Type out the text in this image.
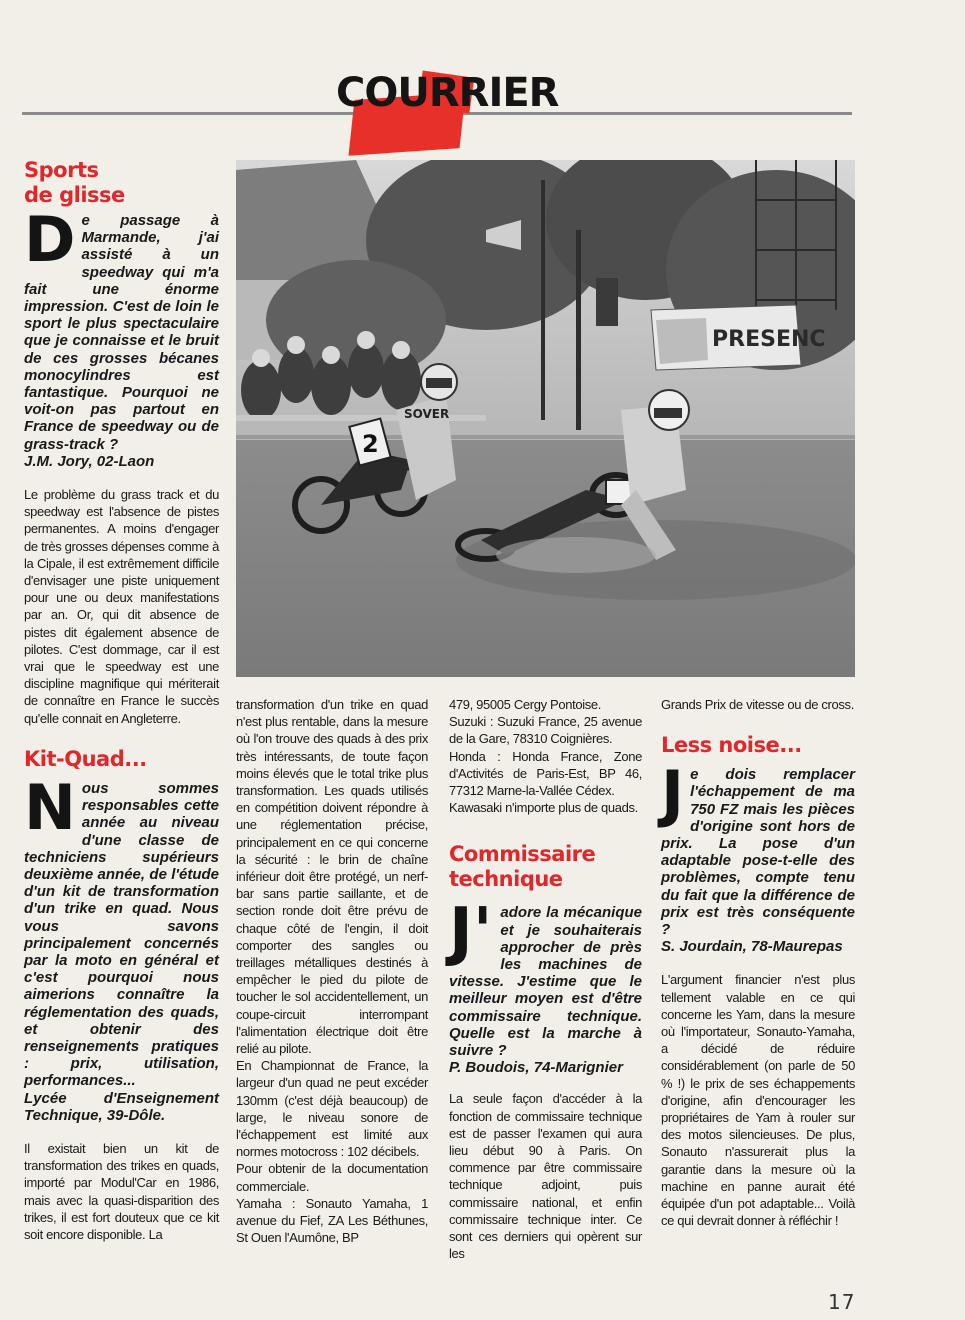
COURRIER
PRESENC
2
SOVER
Sports
de glisse

De passage à Marmande, j'ai assisté à un speedway qui m'a fait une énorme impression. C'est de loin le sport le plus spectaculaire que je connaisse et le bruit de ces grosses bécanes monocylindres est fantastique. Pourquoi ne voit-on pas partout en France de speedway ou de grass-track ?
J.M. Jory, 02-Laon

Le problème du grass track et du speedway est l'absence de pistes permanentes. A moins d'engager de très grosses dépenses comme à la Cipale, il est extrêmement difficile d'envisager une piste uniquement pour une ou deux manifestations par an. Or, qui dit absence de pistes dit également absence de pilotes. C'est dommage, car il est vrai que le speedway est une discipline magnifique qui mériterait de connaître en France le succès qu'elle connait en Angleterre.

Kit-Quad...

Nous sommes responsables cette année au niveau d'une classe de techniciens supérieurs deuxième année, de l'étude d'un kit de transformation d'un trike en quad. Nous vous savons principalement concernés par la moto en général et c'est pourquoi nous aimerions connaître la réglementation des quads, et obtenir des renseignements pratiques : prix, utilisation, performances...
Lycée d'Enseignement Technique, 39-Dôle.

Il existait bien un kit de transformation des trikes en quads, importé par Modul'Car en 1986, mais avec la quasi-disparition des trikes, il est fort douteux que ce kit soit encore disponible. La

transformation d'un trike en quad n'est plus rentable, dans la mesure où l'on trouve des quads à des prix très intéressants, de toute façon moins élevés que le total trike plus transformation. Les quads utilisés en compétition doivent répondre à une réglementation précise, principalement en ce qui concerne la sécurité : le brin de chaîne inférieur doit être protégé, un nerf-bar sans partie saillante, et de section ronde doit être prévu de chaque côté de l'engin, il doit comporter des sangles ou treillages métalliques destinés à empêcher le pied du pilote de toucher le sol accidentellement, un coupe-circuit interrompant l'alimentation électrique doit être relié au pilote.

En Championnat de France, la largeur d'un quad ne peut excéder 130mm (c'est déjà beaucoup) de large, le niveau sonore de l'échappement est limité aux normes motocross : 102 décibels.

Pour obtenir de la documentation commerciale.

Yamaha : Sonauto Yamaha, 1 avenue du Fief, ZA Les Béthunes, St Ouen l'Aumône, BP

479, 95005 Cergy Pontoise.

Suzuki : Suzuki France, 25 avenue de la Gare, 78310 Coignières.

Honda : Honda France, Zone d'Activités de Paris-Est, BP 46, 77312 Marne-la-Vallée Cédex.

Kawasaki n'importe plus de quads.

Commissaire
technique

J' adore la mécanique et je souhaiterais approcher de près les machines de vitesse. J'estime que le meilleur moyen est d'être commissaire technique. Quelle est la marche à suivre ?
P. Boudois, 74-Marignier

La seule façon d'accéder à la fonction de commissaire technique est de passer l'examen qui aura lieu début 90 à Paris. On commence par être commissaire technique adjoint, puis commissaire national, et enfin commissaire technique inter. Ce sont ces derniers qui opèrent sur les

Grands Prix de vitesse ou de cross.

Less noise...

Je dois remplacer l'échappement de ma 750 FZ mais les pièces d'origine sont hors de prix. La pose d'un adaptable pose-t-elle des problèmes, compte tenu du fait que la différence de prix est très conséquente ?
S. Jourdain, 78-Maurepas

L'argument financier n'est plus tellement valable en ce qui concerne les Yam, dans la mesure où l'importateur, Sonauto-Yamaha, a décidé de réduire considérablement (on parle de 50 % !) le prix de ses échappements d'origine, afin d'encourager les propriétaires de Yam à rouler sur des motos silencieuses. De plus, Sonauto n'assurerait plus la garantie dans la mesure où la machine en panne aurait été équipée d'un pot adaptable... Voilà ce qui devrait donner à réfléchir !

17
